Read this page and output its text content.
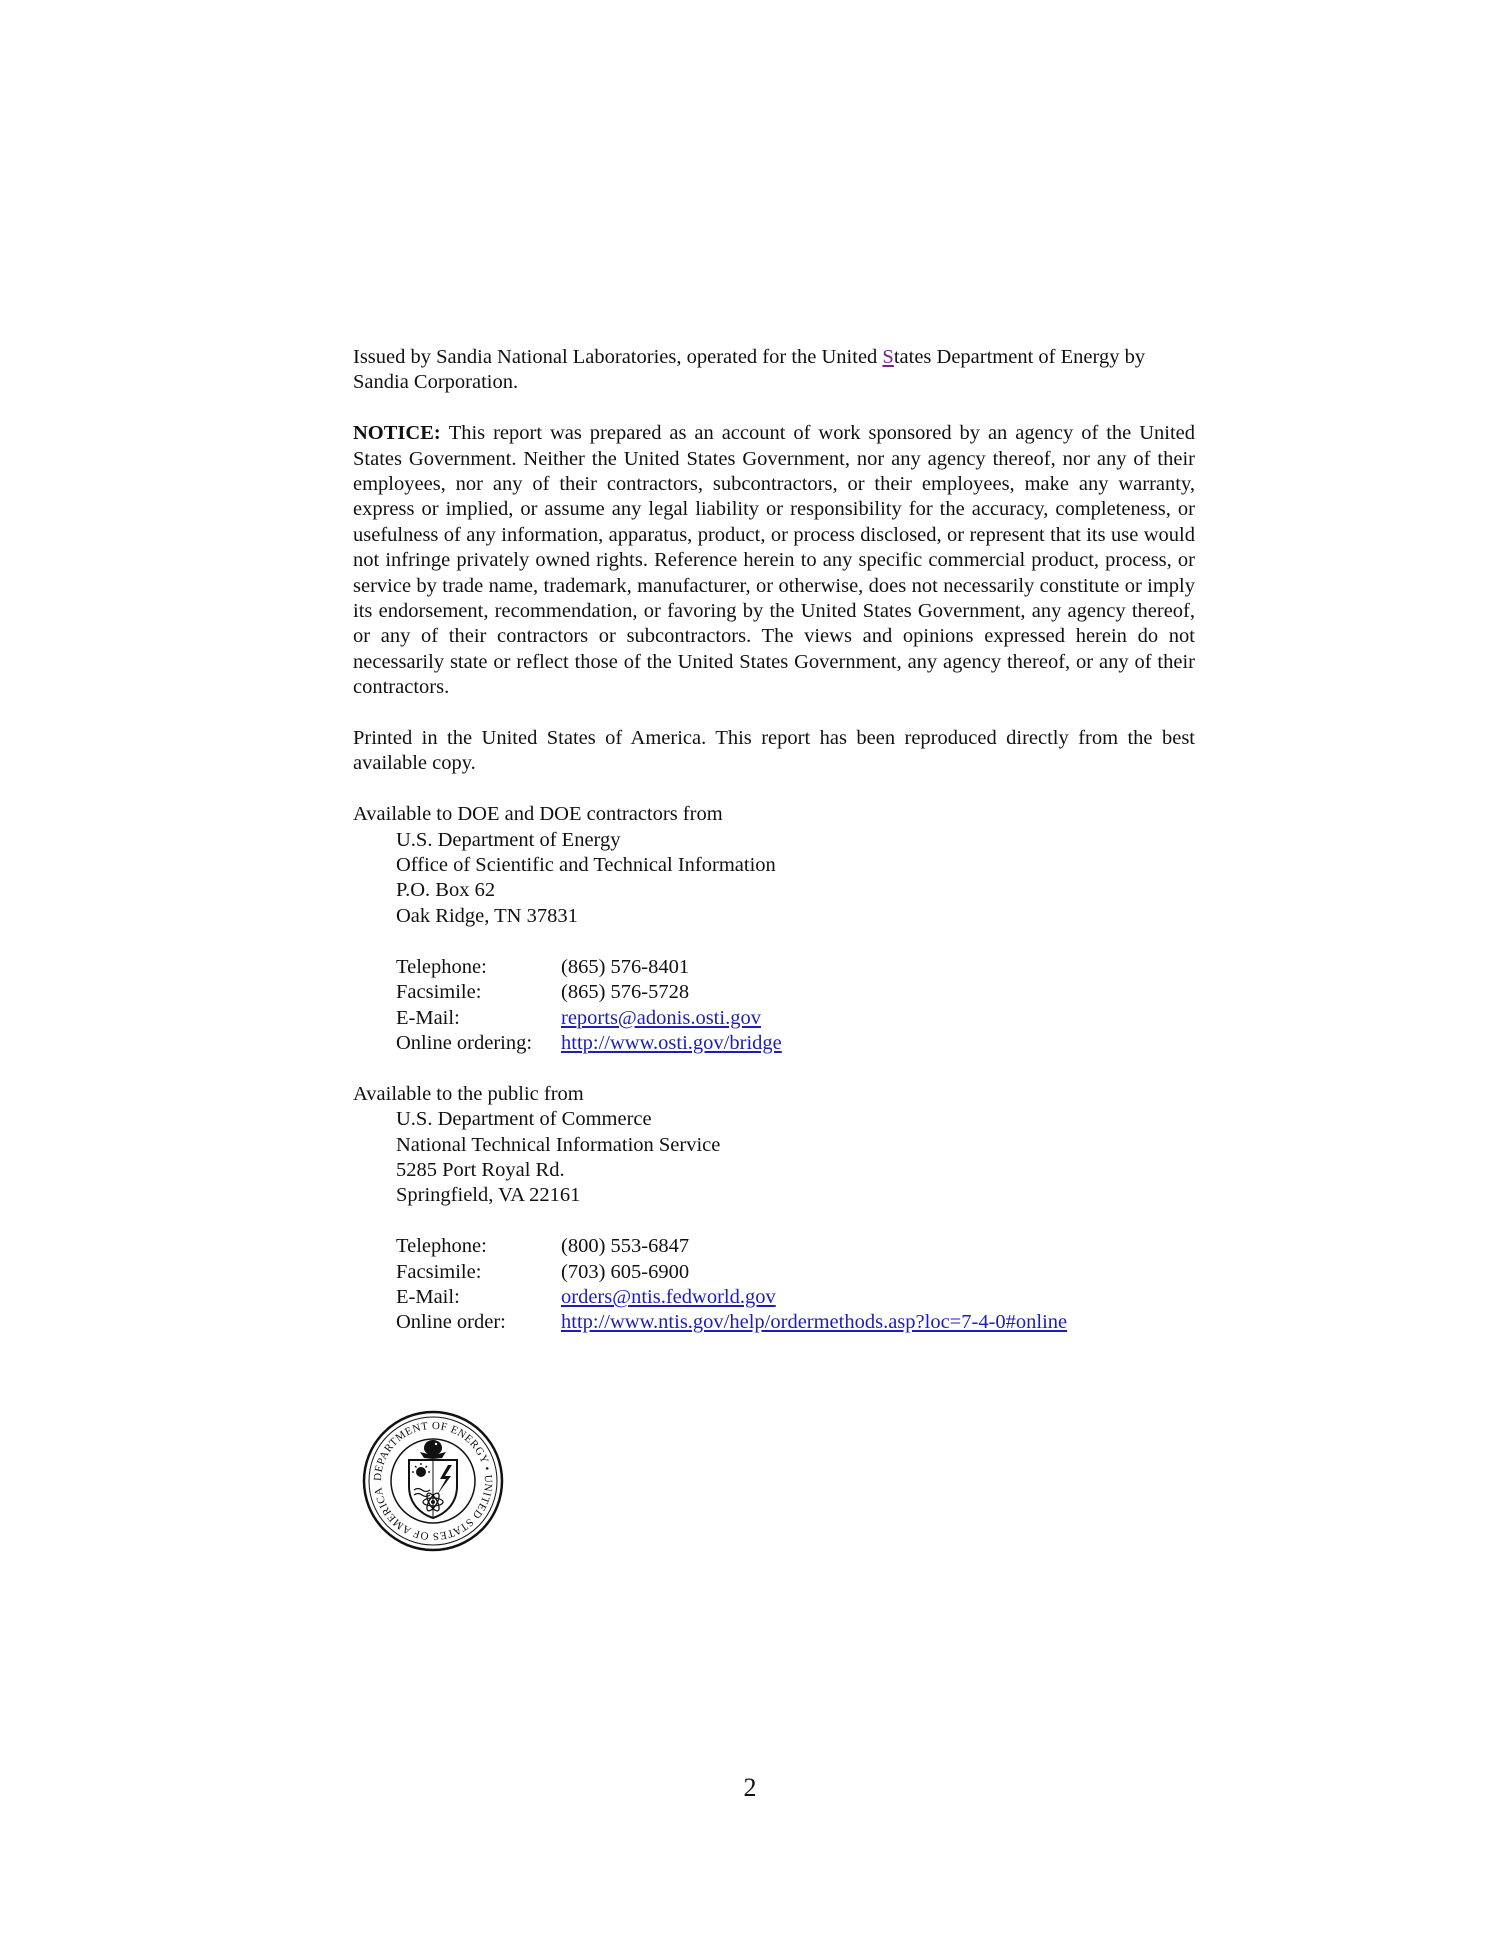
Issued by Sandia National Laboratories, operated for the United States Department of Energy by Sandia Corporation.

NOTICE: This report was prepared as an account of work sponsored by an agency of the United States Government. Neither the United States Government, nor any agency thereof, nor any of their employees, nor any of their contractors, subcontractors, or their employees, make any warranty, express or implied, or assume any legal liability or responsibility for the accuracy, completeness, or usefulness of any information, apparatus, product, or process disclosed, or represent that its use would not infringe privately owned rights. Reference herein to any specific commercial product, process, or service by trade name, trademark, manufacturer, or otherwise, does not necessarily constitute or imply its endorsement, recommendation, or favoring by the United States Government, any agency thereof, or any of their contractors or subcontractors. The views and opinions expressed herein do not necessarily state or reflect those of the United States Government, any agency thereof, or any of their contractors.

Printed in the United States of America. This report has been reproduced directly from the best available copy.

Available to DOE and DOE contractors from
U.S. Department of Energy
Office of Scientific and Technical Information
P.O. Box 62
Oak Ridge, TN 37831
Telephone:	(865) 576-8401
Facsimile:	(865) 576-5728
E-Mail:	reports@adonis.osti.gov
Online ordering:	http://www.osti.gov/bridge
Available to the public from
U.S. Department of Commerce
National Technical Information Service
5285 Port Royal Rd.
Springfield, VA 22161
Telephone:	(800) 553-6847
Facsimile:	(703) 605-6900
E-Mail:	orders@ntis.fedworld.gov
Online order:	http://www.ntis.gov/help/ordermethods.asp?loc=7-4-0#online
DEPARTMENT OF ENERGY • UNITED STATES OF AMERICA
2
